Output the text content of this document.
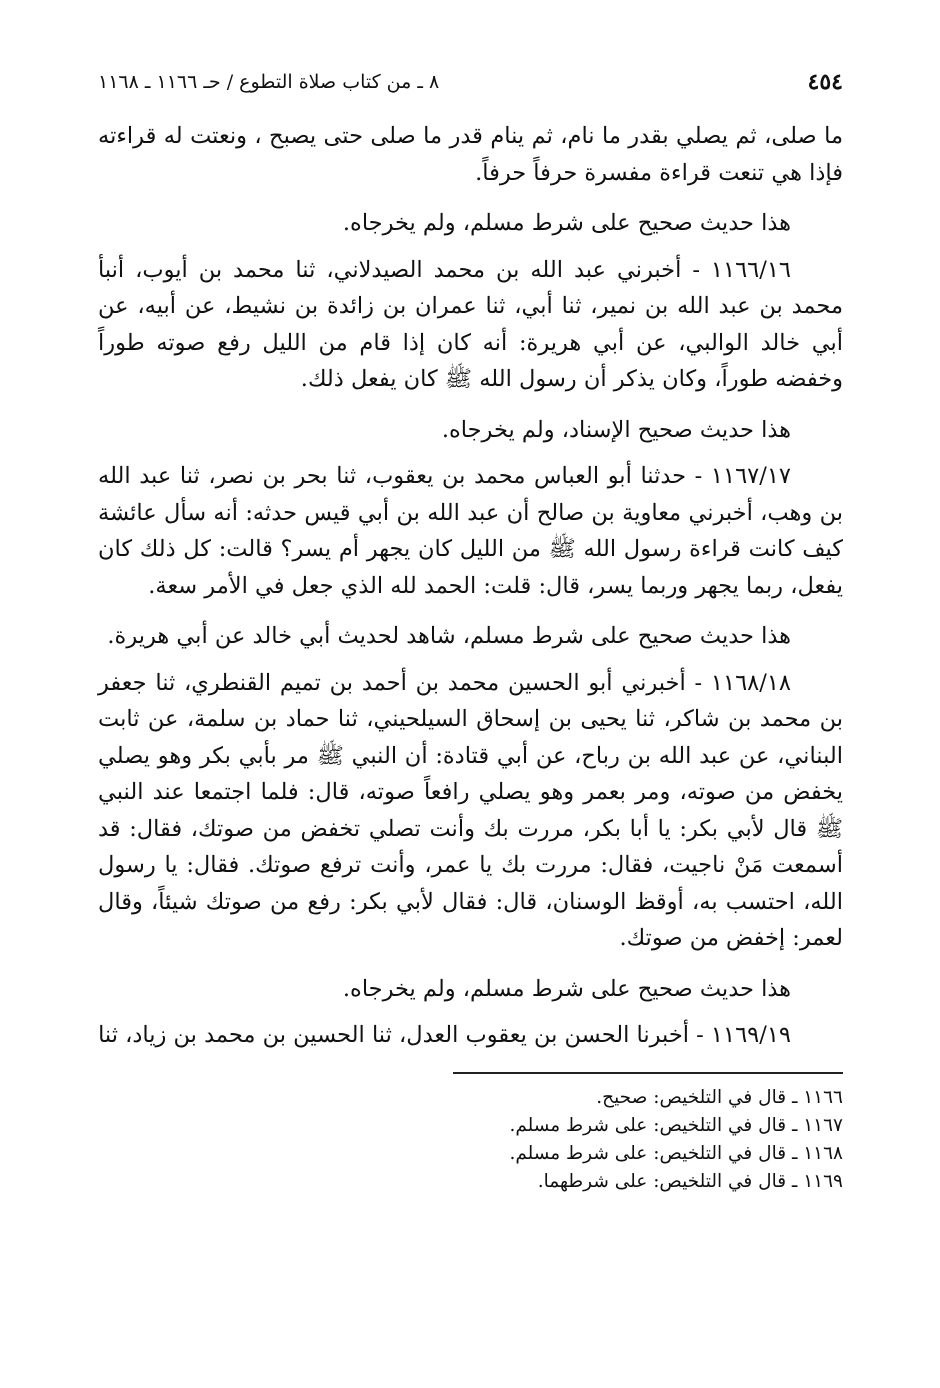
٤٥٤
٨ ـ من كتاب صلاة التطوع / حـ ١١٦٦ ـ ١١٦٨

ما صلى، ثم يصلي بقدر ما نام، ثم ينام قدر ما صلى حتى يصبح ، ونعتت له قراءته فإذا هي تنعت قراءة مفسرة حرفاً حرفاً.

هذا حديث صحيح على شرط مسلم، ولم يخرجاه.

١١٦٦/١٦ - أخبرني عبد الله بن محمد الصيدلاني، ثنا محمد بن أيوب، أنبأ محمد بن عبد الله بن نمير، ثنا أبي، ثنا عمران بن زائدة بن نشيط، عن أبيه، عن أبي خالد الوالبي، عن أبي هريرة: أنه كان إذا قام من الليل رفع صوته طوراً وخفضه طوراً، وكان يذكر أن رسول الله ﷺ كان يفعل ذلك.

هذا حديث صحيح الإسناد، ولم يخرجاه.

١١٦٧/١٧ - حدثنا أبو العباس محمد بن يعقوب، ثنا بحر بن نصر، ثنا عبد الله بن وهب، أخبرني معاوية بن صالح أن عبد الله بن أبي قيس حدثه: أنه سأل عائشة كيف كانت قراءة رسول الله ﷺ من الليل كان يجهر أم يسر؟ قالت: كل ذلك كان يفعل، ربما يجهر وربما يسر، قال: قلت: الحمد لله الذي جعل في الأمر سعة.

هذا حديث صحيح على شرط مسلم، شاهد لحديث أبي خالد عن أبي هريرة.

١١٦٨/١٨ - أخبرني أبو الحسين محمد بن أحمد بن تميم القنطري، ثنا جعفر بن محمد بن شاكر، ثنا يحيى بن إسحاق السيلحيني، ثنا حماد بن سلمة، عن ثابت البناني، عن عبد الله بن رباح، عن أبي قتادة: أن النبي ﷺ مر بأبي بكر وهو يصلي يخفض من صوته، ومر بعمر وهو يصلي رافعاً صوته، قال: فلما اجتمعا عند النبي ﷺ قال لأبي بكر: يا أبا بكر، مررت بك وأنت تصلي تخفض من صوتك، فقال: قد أسمعت مَنْ ناجيت، فقال: مررت بك يا عمر، وأنت ترفع صوتك. فقال: يا رسول الله، احتسب به، أوقظ الوسنان، قال: فقال لأبي بكر: رفع من صوتك شيئاً، وقال لعمر: إخفض من صوتك.

هذا حديث صحيح على شرط مسلم، ولم يخرجاه.

١١٦٩/١٩ - أخبرنا الحسن بن يعقوب العدل، ثنا الحسين بن محمد بن زياد، ثنا

١١٦٦ ـ قال في التلخيص: صحيح.
١١٦٧ ـ قال في التلخيص: على شرط مسلم.
١١٦٨ ـ قال في التلخيص: على شرط مسلم.
١١٦٩ ـ قال في التلخيص: على شرطهما.
